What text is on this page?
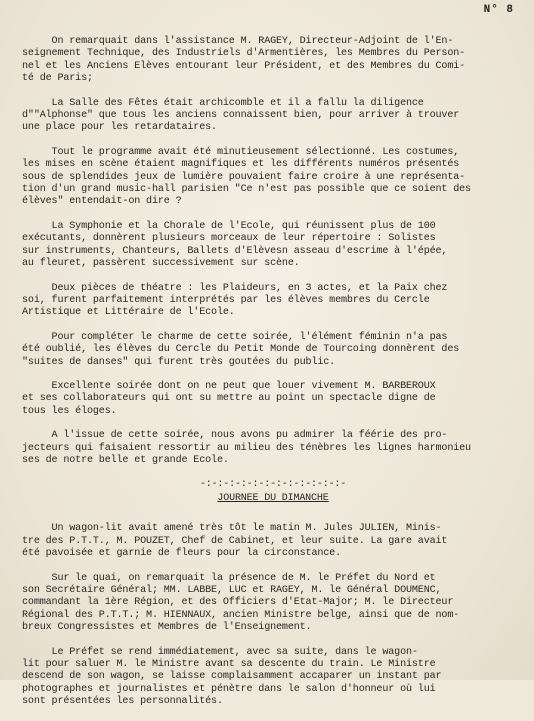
N° 8
On remarquait dans l'assistance M. RAGEY, Directeur-Adjoint de l'En-
seignement Technique, des Industriels d'Armentières, les Membres du Person-
nel et les Anciens Elèves entourant leur Président, et des Membres du Comi-
té de Paris;
La Salle des Fêtes était archicomble et il a fallu la diligence
d""Alphonse" que tous les anciens connaissent bien, pour arriver à trouver
une place pour les retardataires.
Tout le programme avait été minutieusement sélectionné. Les costumes,
les mises en scène étaient magnifiques et les différents numéros présentés
sous de splendides jeux de lumière pouvaient faire croire à une représenta-
tion d'un grand music-hall parisien "Ce n'est pas possible que ce soient des
élèves" entendait-on dire ?
La Symphonie et la Chorale de l'Ecole, qui réunissent plus de 100
exécutants, donnèrent plusieurs morceaux de leur répertoire : Solistes
sur instruments, Chanteurs, Ballets d'Elèvesn asseau d'escrime à l'épée,
au fleuret, passèrent successivement sur scène.
Deux pièces de théatre : les Plaideurs, en 3 actes, et la Paix chez
soi, furent parfaitement interprétés par les élèves membres du Cercle
Artistique et Littéraire de l'Ecole.
Pour compléter le charme de cette soirée, l'élément féminin n'a pas
été oublié, les élèves du Cercle du Petit Monde de Tourcoing donnèrent des
"suites de danses" qui furent très goutées du public.
Excellente soirée dont on ne peut que louer vivement M. BARBEROUX
et ses collaborateurs qui ont su mettre au point un spectacle digne de
tous les éloges.
A l'issue de cette soirée, nous avons pu admirer la féérie des pro-
jecteurs qui faisaient ressortir au milieu des ténèbres les lignes harmonieu
ses de notre belle et grande Ecole.
-:-:-:-:-:-:-:-:-:-:-:-:-
JOURNEE DU DIMANCHE
Un wagon-lit avait amené très tôt le matin M. Jules JULIEN, Minis-
tre des P.T.T., M. POUZET, Chef de Cabinet, et leur suite. La gare avait
été pavoisée et garnie de fleurs pour la circonstance.
Sur le quai, on remarquait la présence de M. le Préfet du Nord et
son Secrétaire Général; MM. LABBE, LUC et RAGEY, M. le Général DOUMENC,
commandant la 1ère Région, et des Officiers d'Etat-Major; M. le Directeur
Régional des P.T.T.; M. HIENNAUX, ancien Ministre belge, ainsi que de nom-
breux Congressistes et Membres de l'Enseignement.
Le Préfet se rend immédiatement, avec sa suite, dans le wagon-
lit pour saluer M. le Ministre avant sa descente du train. Le Ministre
descend de son wagon, se laisse complaisamment accaparer un instant par
photographes et journalistes et pénètre dans le salon d'honneur où lui
sont présentées les personnalités.
